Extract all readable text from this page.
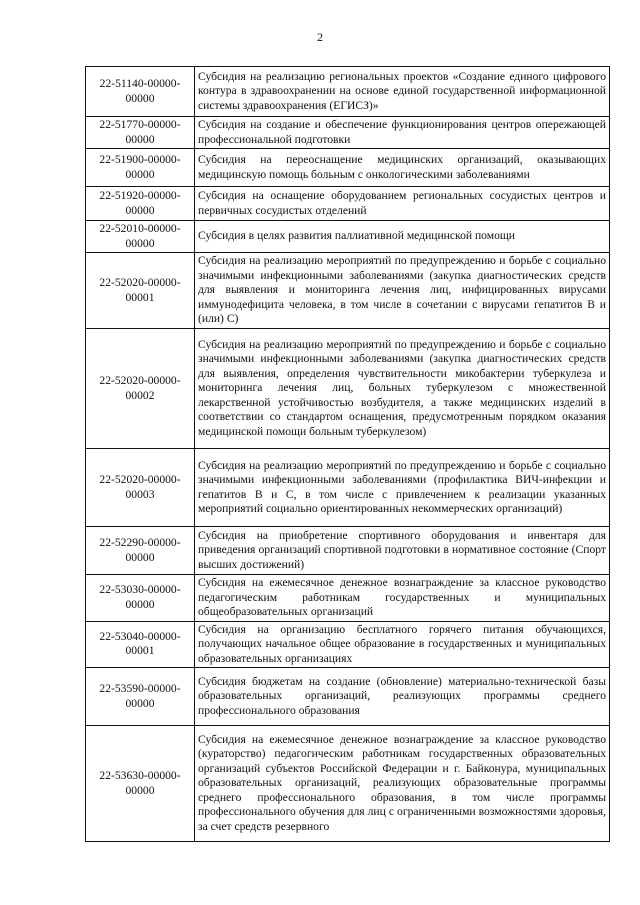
2
22-51140-00000-00000	Субсидия на реализацию региональных проектов «Создание единого цифрового контура в здравоохранении на основе единой государственной информационной системы здравоохранения (ЕГИСЗ)»
22-51770-00000-00000	Субсидия на создание и обеспечение функционирования центров опережающей профессиональной подготовки
22-51900-00000-00000	Субсидия на переоснащение медицинских организаций, оказывающих медицинскую помощь больным с онкологическими заболеваниями
22-51920-00000-00000	Субсидия на оснащение оборудованием региональных сосудистых центров и первичных сосудистых отделений
22-52010-00000-00000	Субсидия в целях развития паллиативной медицинской помощи
22-52020-00000-00001	Субсидия на реализацию мероприятий по предупреждению и борьбе с социально значимыми инфекционными заболеваниями (закупка диагностических средств для выявления и мониторинга лечения лиц, инфицированных вирусами иммунодефицита человека, в том числе в сочетании с вирусами гепатитов В и (или) С)
22-52020-00000-00002	Субсидия на реализацию мероприятий по предупреждению и борьбе с социально значимыми инфекционными заболеваниями (закупка диагностических средств для выявления, определения чувствительности микобактерии туберкулеза и мониторинга лечения лиц, больных туберкулезом с множественной лекарственной устойчивостью возбудителя, а также медицинских изделий в соответствии со стандартом оснащения, предусмотренным порядком оказания медицинской помощи больным туберкулезом)
22-52020-00000-00003	Субсидия на реализацию мероприятий по предупреждению и борьбе с социально значимыми инфекционными заболеваниями (профилактика ВИЧ-инфекции и гепатитов В и С, в том числе с привлечением к реализации указанных мероприятий социально ориентированных некоммерческих организаций)
22-52290-00000-00000	Субсидия на приобретение спортивного оборудования и инвентаря для приведения организаций спортивной подготовки в нормативное состояние (Спорт высших достижений)
22-53030-00000-00000	Субсидия на ежемесячное денежное вознаграждение за классное руководство педагогическим работникам государственных и муниципальных общеобразовательных организаций
22-53040-00000-00001	Субсидия на организацию бесплатного горячего питания обучающихся, получающих начальное общее образование в государственных и муниципальных образовательных организациях
22-53590-00000-00000	Субсидия бюджетам на создание (обновление) материально-технической базы образовательных организаций, реализующих программы среднего профессионального образования
22-53630-00000-00000	Субсидия на ежемесячное денежное вознаграждение за классное руководство (кураторство) педагогическим работникам государственных образовательных организаций субъектов Российской Федерации и г. Байконура, муниципальных образовательных организаций, реализующих образовательные программы среднего профессионального образования, в том числе программы профессионального обучения для лиц с ограниченными возможностями здоровья, за счет средств резервного
